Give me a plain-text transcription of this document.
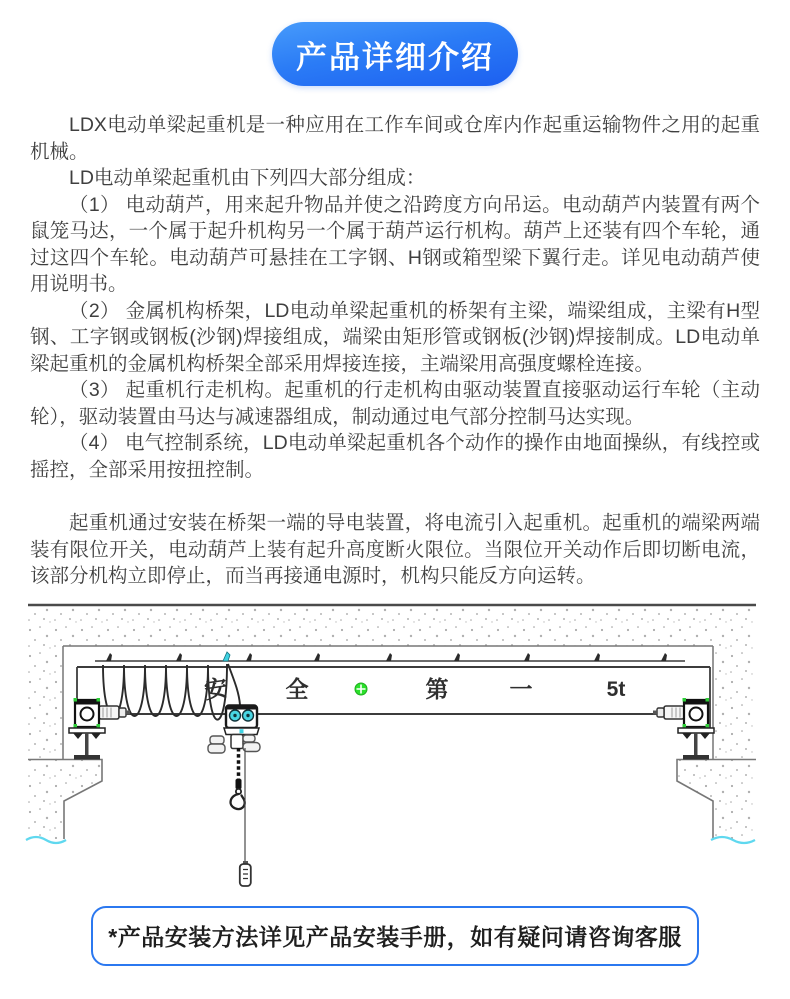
产品详细介绍

LDX电动单梁起重机是一种应用在工作车间或仓库内作起重运输物件之用的起重机械。

LD电动单梁起重机由下列四大部分组成：

（1） 电动葫芦，用来起升物品并使之沿跨度方向吊运。电动葫芦内装置有两个鼠笼马达，一个属于起升机构另一个属于葫芦运行机构。葫芦上还装有四个车轮，通过这四个车轮。电动葫芦可悬挂在工字钢、H钢或箱型梁下翼行走。详见电动葫芦使用说明书。

（2） 金属机构桥架，LD电动单梁起重机的桥架有主梁，端梁组成，主梁有H型钢、工字钢或钢板(沙钢)焊接组成，端梁由矩形管或钢板(沙钢)焊接制成。LD电动单梁起重机的金属机构桥架全部采用焊接连接，主端梁用高强度螺栓连接。

（3） 起重机行走机构。起重机的行走机构由驱动装置直接驱动运行车轮（主动轮），驱动装置由马达与减速器组成，制动通过电气部分控制马达实现。

（4） 电气控制系统，LD电动单梁起重机各个动作的操作由地面操纵，有线控或摇控，全部采用按扭控制。

起重机通过安装在桥架一端的导电装置，将电流引入起重机。起重机的端梁两端装有限位开关，电动葫芦上装有起升高度断火限位。当限位开关动作后即切断电流，该部分机构立即停止，而当再接通电源时，机构只能反方向运转。

安 全	第	一	5t
*产品安装方法详见产品安装手册，如有疑问请咨询客服
